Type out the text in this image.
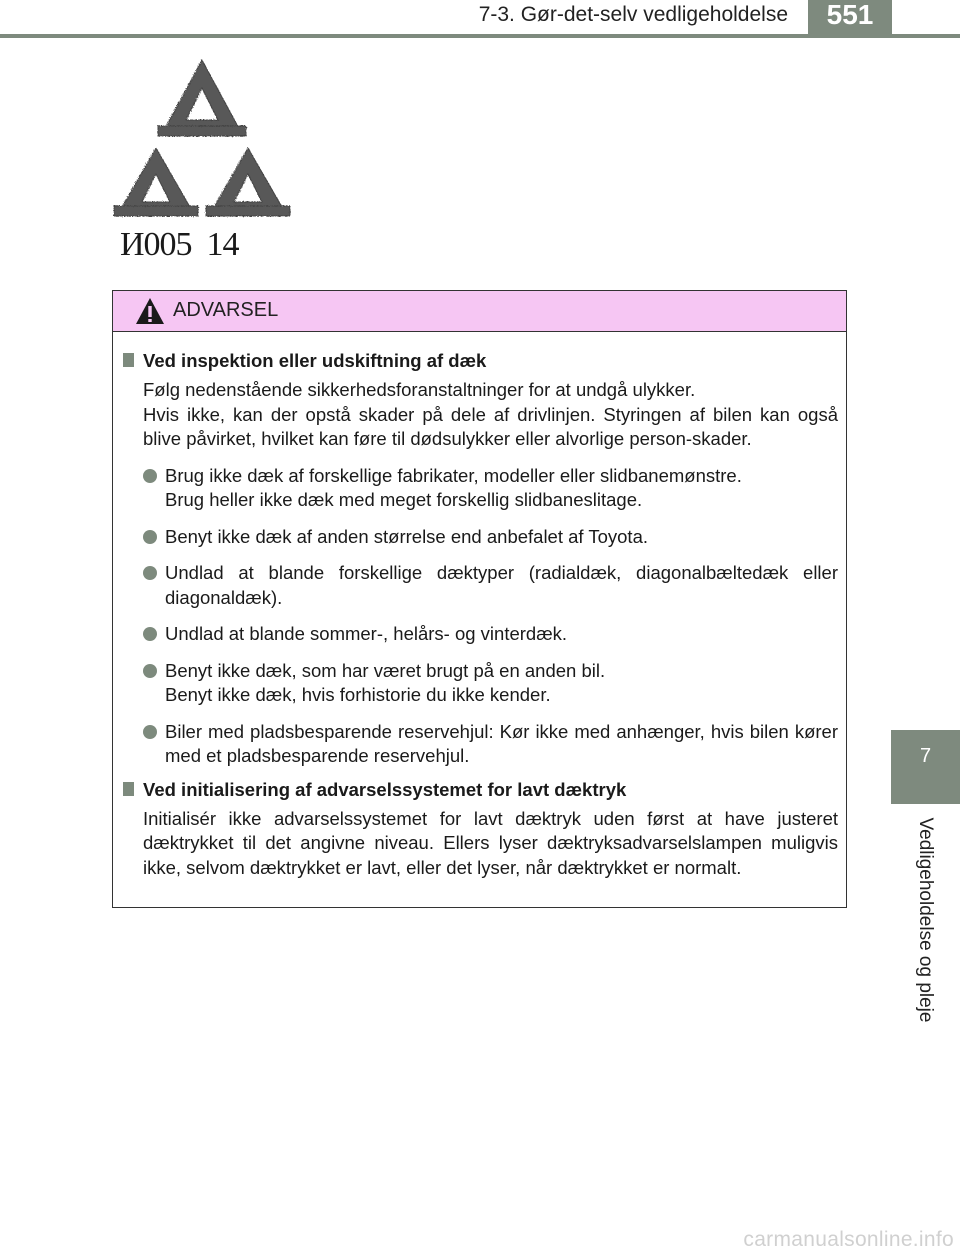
551
7-3. Gør-det-selv vedligeholdelse
7
Vedligeholdelse og pleje
И005  14
ADVARSEL
Ved inspektion eller udskiftning af dæk
Følg nedenstående sikkerhedsforanstaltninger for at undgå ulykker.
Hvis ikke, kan der opstå skader på dele af drivlinjen. Styringen af bilen kan også blive påvirket, hvilket kan føre til dødsulykker eller alvorlige person-skader.
Brug ikke dæk af forskellige fabrikater, modeller eller slidbanemønstre.
Brug heller ikke dæk med meget forskellig slidbaneslitage.
Benyt ikke dæk af anden størrelse end anbefalet af Toyota.
Undlad at blande forskellige dæktyper (radialdæk, diagonalbæltedæk eller diagonaldæk).
Undlad at blande sommer-, helårs- og vinterdæk.
Benyt ikke dæk, som har været brugt på en anden bil.
Benyt ikke dæk, hvis forhistorie du ikke kender.
Biler med pladsbesparende reservehjul: Kør ikke med anhænger, hvis bilen kører med et pladsbesparende reservehjul.
Ved initialisering af advarselssystemet for lavt dæktryk
Initialisér ikke advarselssystemet for lavt dæktryk uden først at have justeret dæktrykket til det angivne niveau. Ellers lyser dæktryksadvarselslampen muligvis ikke, selvom dæktrykket er lavt, eller det lyser, når dæktrykket er normalt.
carmanualsonline.info
